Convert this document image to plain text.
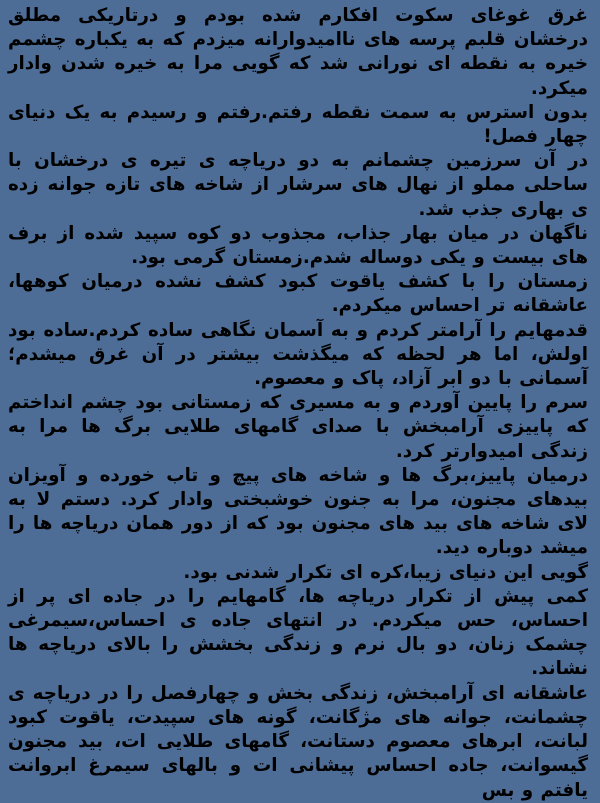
غرق غوغای سکوت افکارم شده بودم و درتاریکی مطلق درخشان قلبم پرسه های ناامیدوارانه میزدم که به یکباره چشمم خیره به نقطه ای نورانی شد که گویی مرا به خیره شدن وادار میکرد.

بدون استرس به سمت نقطه رفتم.رفتم و رسیدم به یک دنیای چهار فصل!

در آن سرزمین چشمانم به دو دریاچه ی تیره ی درخشان با ساحلی مملو از نهال های سرشار از شاخه های تازه جوانه زده ی بهاری جذب شد.

ناگهان در میان بهار جذاب، مجذوب دو کوه سپید شده از برف های بیست و یکی دوساله شدم.زمستان گرمی بود.

زمستان را با کشف یاقوت کبود کشف نشده درمیان کوهها، عاشقانه تر احساس میکردم.

قدمهایم را آرامتر کردم و به آسمان نگاهی ساده کردم.ساده بود اولش، اما هر لحظه که میگذشت بیشتر در آن غرق میشدم؛ آسمانی با دو ابر آزاد، پاک و معصوم.

سرم را پایین آوردم و به مسیری که زمستانی بود چشم انداختم که پاییزی آرامبخش با صدای گامهای طلایی برگ ها مرا به زندگی امیدوارتر کرد.

درمیان پاییز،برگ ها و شاخه های پیچ و تاب خورده و آویزان بیدهای مجنون، مرا به جنون خوشبختی وادار کرد. دستم لا به لای شاخه های بید های مجنون بود که از دور همان دریاچه ها را میشد دوباره دید.

گویی این دنیای زیبا،کره ای تکرار شدنی بود.

کمی پیش از تکرار دریاچه ها، گامهایم را در جاده ای پر از احساس، حس میکردم. در انتهای جاده ی احساس،سیمرغی چشمک زنان، دو بال نرم و زندگی بخشش را بالای دریاچه ها نشاند.

عاشقانه ای آرامبخش، زندگی بخش و چهارفصل را در دریاچه ی چشمانت، جوانه های مژگانت، گونه های سپیدت، یاقوت کبود لبانت، ابرهای معصوم دستانت، گامهای طلایی ات، بید مجنون گیسوانت، جاده احساس پیشانی ات و بالهای سیمرغ ابروانت یافتم و بس
